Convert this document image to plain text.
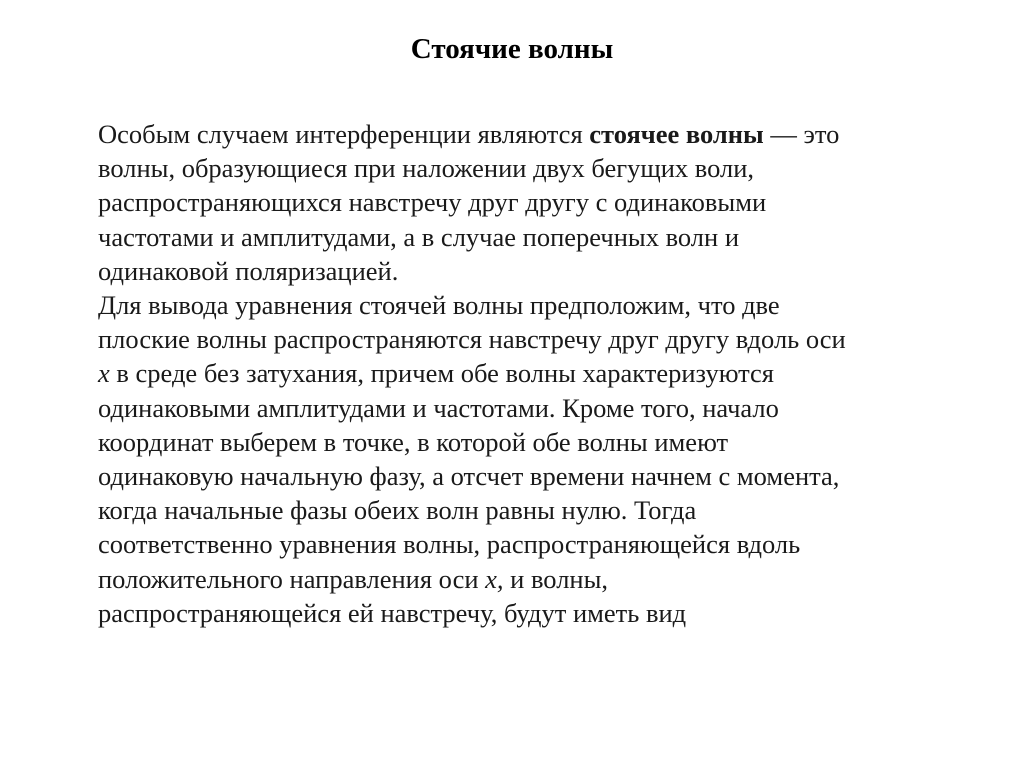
Стоячие волны
Особым случаем интерференции являются стоячее волны — это
волны, образующиеся при наложении двух бегущих воли,
распространяющихся навстречу друг другу с одинаковыми
частотами и амплитудами, а в случае поперечных волн и
одинаковой поляризацией.
Для вывода уравнения стоячей волны предположим, что две
плоские волны распространяются навстречу друг другу вдоль оси
x в среде без затухания, причем обе волны характеризуются
одинаковыми амплитудами и частотами. Кроме того, начало
координат выберем в точке, в которой обе волны имеют
одинаковую начальную фазу, а отсчет времени начнем с момента,
когда начальные фазы обеих волн равны нулю. Тогда
соответственно уравнения волны, распространяющейся вдоль
положительного направления оси x, и волны,
распространяющейся ей навстречу, будут иметь вид
